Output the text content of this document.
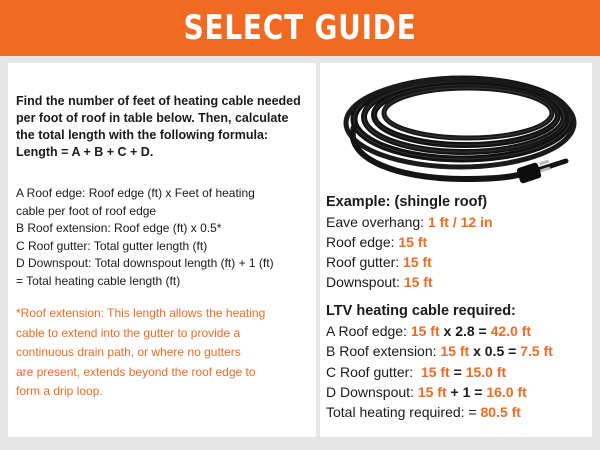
SELECT GUIDE
Find the number of feet of heating cable needed
per foot of roof in table below. Then, calculate
the total length with the following formula:
Length = A + B + C + D.
A Roof edge: Roof edge (ft) x Feet of heating
cable per foot of roof edge
B Roof extension: Roof edge (ft) x 0.5*
C Roof gutter: Total gutter length (ft)
D Downspout: Total downspout length (ft) + 1 (ft)
= Total heating cable length (ft)
*Roof extension: This length allows the heating
cable to extend into the gutter to provide a
continuous drain path, or where no gutters
are present, extends beyond the roof edge to
form a drip loop.
Example: (shingle roof)
Eave overhang: 1 ft / 12 in
Roof edge: 15 ft
Roof gutter: 15 ft
Downspout: 15 ft
LTV heating cable required:
A Roof edge: 15 ft x 2.8 = 42.0 ft
B Roof extension: 15 ft x 0.5 = 7.5 ft
C Roof gutter:  15 ft = 15.0 ft
D Downspout: 15 ft + 1 = 16.0 ft
Total heating required: = 80.5 ft
